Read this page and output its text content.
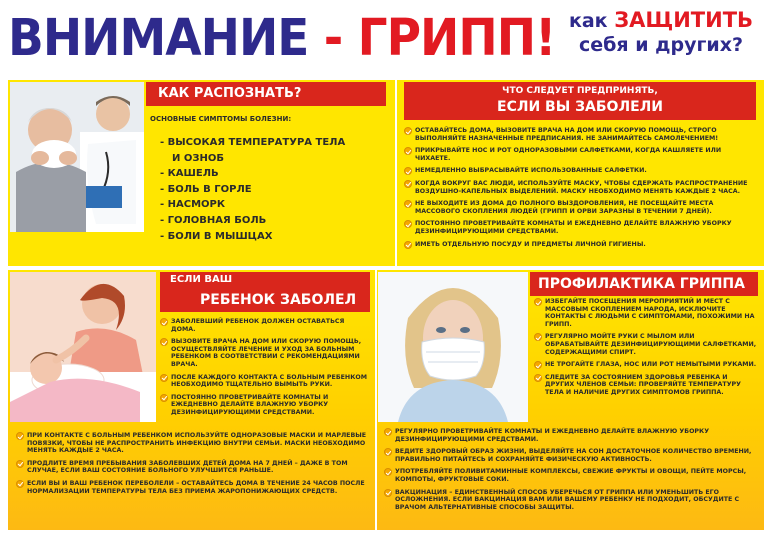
ВНИМАНИЕ - ГРИПП! как ЗАЩИТИТЬ
себя и других?
КАК РАСПОЗНАТЬ?	ЧТО СЛЕДУЕТ ПРЕДПРИНЯТЬ,
ЕСЛИ ВЫ ЗАБОЛЕЛИ
ЕСЛИ ВАШ
РЕБЕНОК ЗАБОЛЕЛ
ПРОФИЛАКТИКА ГРИППА
ОСНОВНЫЕ СИМПТОМЫ БОЛЕЗНИ:
- ВЫСОКАЯ ТЕМПЕРАТУРА ТЕЛА
И ОЗНОБ
- КАШЕЛЬ
- БОЛЬ В ГОРЛЕ
- НАСМОРК
- ГОЛОВНАЯ БОЛЬ
- БОЛИ В МЫШЦАХ
ОСТАВАЙТЕСЬ ДОМА, ВЫЗОВИТЕ ВРАЧА НА ДОМ ИЛИ СКОРУЮ ПОМОЩЬ, СТРОГО ВЫПОЛНЯЙТЕ НАЗНАЧЕННЫЕ ПРЕДПИСАНИЯ. НЕ ЗАНИМАЙТЕСЬ САМОЛЕЧЕНИЕМ!
ПРИКРЫВАЙТЕ НОС И РОТ ОДНОРАЗОВЫМИ САЛФЕТКАМИ, КОГДА КАШЛЯЕТЕ ИЛИ ЧИХАЕТЕ.
НЕМЕДЛЕННО ВЫБРАСЫВАЙТЕ ИСПОЛЬЗОВАННЫЕ САЛФЕТКИ.
КОГДА ВОКРУГ ВАС ЛЮДИ, ИСПОЛЬЗУЙТЕ МАСКУ, ЧТОБЫ СДЕРЖАТЬ РАСПРОСТРАНЕНИЕ ВОЗДУШНО-КАПЕЛЬНЫХ ВЫДЕЛЕНИЙ. МАСКУ НЕОБХОДИМО МЕНЯТЬ КАЖДЫЕ 2 ЧАСА.
НЕ ВЫХОДИТЕ ИЗ ДОМА ДО ПОЛНОГО ВЫЗДОРОВЛЕНИЯ, НЕ ПОСЕЩАЙТЕ МЕСТА МАССОВОГО СКОПЛЕНИЯ ЛЮДЕЙ (ГРИПП И ОРВИ ЗАРАЗНЫ В ТЕЧЕНИИ 7 ДНЕЙ).
ПОСТОЯННО ПРОВЕТРИВАЙТЕ КОМНАТЫ И ЕЖЕДНЕВНО ДЕЛАЙТЕ ВЛАЖНУЮ УБОРКУ ДЕЗИНФИЦИРУЮЩИМИ СРЕДСТВАМИ.
ИМЕТЬ ОТДЕЛЬНУЮ ПОСУДУ И ПРЕДМЕТЫ ЛИЧНОЙ ГИГИЕНЫ.
ЗАБОЛЕВШИЙ РЕБЕНОК ДОЛЖЕН ОСТАВАТЬСЯ ДОМА.
ВЫЗОВИТЕ ВРАЧА НА ДОМ ИЛИ СКОРУЮ ПОМОЩЬ, ОСУЩЕСТВЛЯЙТЕ ЛЕЧЕНИЕ И УХОД ЗА БОЛЬНЫМ РЕБЕНКОМ В СООТВЕТСТВИИ С РЕКОМЕНДАЦИЯМИ ВРАЧА.
ПОСЛЕ КАЖДОГО КОНТАКТА С БОЛЬНЫМ РЕБЕНКОМ НЕОБХОДИМО ТЩАТЕЛЬНО ВЫМЫТЬ РУКИ.
ПОСТОЯННО ПРОВЕТРИВАЙТЕ КОМНАТЫ И ЕЖЕДНЕВНО ДЕЛАЙТЕ ВЛАЖНУЮ УБОРКУ ДЕЗИНФИЦИРУЮЩИМИ СРЕДСТВАМИ.
ПРИ КОНТАКТЕ С БОЛЬНЫМ РЕБЕНКОМ ИСПОЛЬЗУЙТЕ ОДНОРАЗОВЫЕ МАСКИ И МАРЛЕВЫЕ ПОВЯЗКИ, ЧТОБЫ НЕ РАСПРОСТРАНИТЬ ИНФЕКЦИЮ ВНУТРИ СЕМЬИ. МАСКИ НЕОБХОДИМО МЕНЯТЬ КАЖДЫЕ 2 ЧАСА.
ПРОДЛИТЕ ВРЕМЯ ПРЕБЫВАНИЯ ЗАБОЛЕВШИХ ДЕТЕЙ ДОМА НА 7 ДНЕЙ – ДАЖЕ В ТОМ СЛУЧАЕ, ЕСЛИ ВАШ СОСТОЯНИЕ БОЛЬНОГО УЛУЧШИТСЯ РАНЬШЕ.
ЕСЛИ ВЫ И ВАШ РЕБЕНОК ПЕРЕБОЛЕЛИ – ОСТАВАЙТЕСЬ ДОМА В ТЕЧЕНИЕ 24 ЧАСОВ ПОСЛЕ НОРМАЛИЗАЦИИ ТЕМПЕРАТУРЫ ТЕЛА БЕЗ ПРИЕМА ЖАРОПОНИЖАЮЩИХ СРЕДСТВ.
ИЗБЕГАЙТЕ ПОСЕЩЕНИЯ МЕРОПРИЯТИЙ И МЕСТ С МАССОВЫМ СКОПЛЕНИЕМ НАРОДА, ИСКЛЮЧИТЕ КОНТАКТЫ С ЛЮДЬМИ С СИМПТОМАМИ, ПОХОЖИМИ НА ГРИПП.
РЕГУЛЯРНО МОЙТЕ РУКИ С МЫЛОМ ИЛИ ОБРАБАТЫВАЙТЕ ДЕЗИНФИЦИРУЮЩИМИ САЛФЕТКАМИ, СОДЕРЖАЩИМИ СПИРТ.
НЕ ТРОГАЙТЕ ГЛАЗА, НОС ИЛИ РОТ НЕМЫТЫМИ РУКАМИ.
СЛЕДИТЕ ЗА СОСТОЯНИЕМ ЗДОРОВЬЯ РЕБЕНКА И ДРУГИХ ЧЛЕНОВ СЕМЬИ: ПРОВЕРЯЙТЕ ТЕМПЕРАТУРУ ТЕЛА И НАЛИЧИЕ ДРУГИХ СИМПТОМОВ ГРИППА.
РЕГУЛЯРНО ПРОВЕТРИВАЙТЕ КОМНАТЫ И ЕЖЕДНЕВНО ДЕЛАЙТЕ ВЛАЖНУЮ УБОРКУ ДЕЗИНФИЦИРУЮЩИМИ СРЕДСТВАМИ.
ВЕДИТЕ ЗДОРОВЫЙ ОБРАЗ ЖИЗНИ, ВЫДЕЛЯЙТЕ НА СОН ДОСТАТОЧНОЕ КОЛИЧЕСТВО ВРЕМЕНИ, ПРАВИЛЬНО ПИТАЙТЕСЬ И СОХРАНЯЙТЕ ФИЗИЧЕСКУЮ АКТИВНОСТЬ.
УПОТРЕБЛЯЙТЕ ПОЛИВИТАМИННЫЕ КОМПЛЕКСЫ, СВЕЖИЕ ФРУКТЫ И ОВОЩИ, ПЕЙТЕ МОРСЫ, КОМПОТЫ, ФРУКТОВЫЕ СОКИ.
ВАКЦИНАЦИЯ – ЕДИНСТВЕННЫЙ СПОСОБ УБЕРЕЧЬСЯ ОТ ГРИППА ИЛИ УМЕНЬШИТЬ ЕГО ОСЛОЖНЕНИЯ. ЕСЛИ ВАКЦИНАЦИЯ ВАМ ИЛИ ВАШЕМУ РЕБЕНКУ НЕ ПОДХОДИТ, ОБСУДИТЕ С ВРАЧОМ АЛЬТЕРНАТИВНЫЕ СПОСОБЫ ЗАЩИТЫ.
